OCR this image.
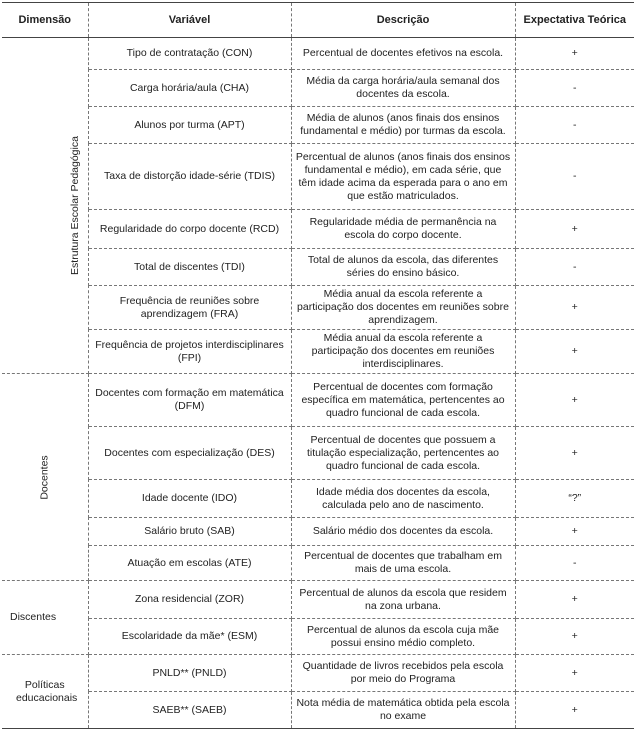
Dimensão	Variável	Descrição	Expectativa Teórica
Estrutura Escolar Pedagógica	Tipo de contratação (CON)	Percentual de docentes efetivos na escola.	+
	Carga horária/aula (CHA)	Média da carga horária/aula semanal dos docentes da escola.	-
	Alunos por turma (APT)	Média de alunos (anos finais dos ensinos fundamental e médio) por turmas da escola.	-
	Taxa de distorção idade-série (TDIS)	Percentual de alunos (anos finais dos ensinos fundamental e médio), em cada série, que têm idade acima da esperada para o ano em que estão matriculados.	-
	Regularidade do corpo docente (RCD)	Regularidade média de permanência na escola do corpo docente.	+
	Total de discentes (TDI)	Total de alunos da escola, das diferentes séries do ensino básico.	-
	Frequência de reuniões sobre aprendizagem (FRA)	Média anual da escola referente a participação dos docentes em reuniões sobre aprendizagem.	+
	Frequência de projetos interdisciplinares (FPI)	Média anual da escola referente a participação dos docentes em reuniões interdisciplinares.	+
Docentes	Docentes com formação em matemática (DFM)	Percentual de docentes com formação específica em matemática, pertencentes ao quadro funcional de cada escola.	+
	Docentes com especialização (DES)	Percentual de docentes que possuem a titulação especialização, pertencentes ao quadro funcional de cada escola.	+
	Idade docente (IDO)	Idade média dos docentes da escola, calculada pelo ano de nascimento.	“?”
	Salário bruto (SAB)	Salário médio dos docentes da escola.	+
	Atuação em escolas (ATE)	Percentual de docentes que trabalham em mais de uma escola.	-
Discentes	Zona residencial (ZOR)	Percentual de alunos da escola que residem na zona urbana.	+
	Escolaridade da mãe* (ESM)	Percentual de alunos da escola cuja mãe possui ensino médio completo.	+
Políticas educacionais	PNLD** (PNLD)	Quantidade de livros recebidos pela escola por meio do Programa	+
	SAEB** (SAEB)	Nota média de matemática obtida pela escola no exame	+
